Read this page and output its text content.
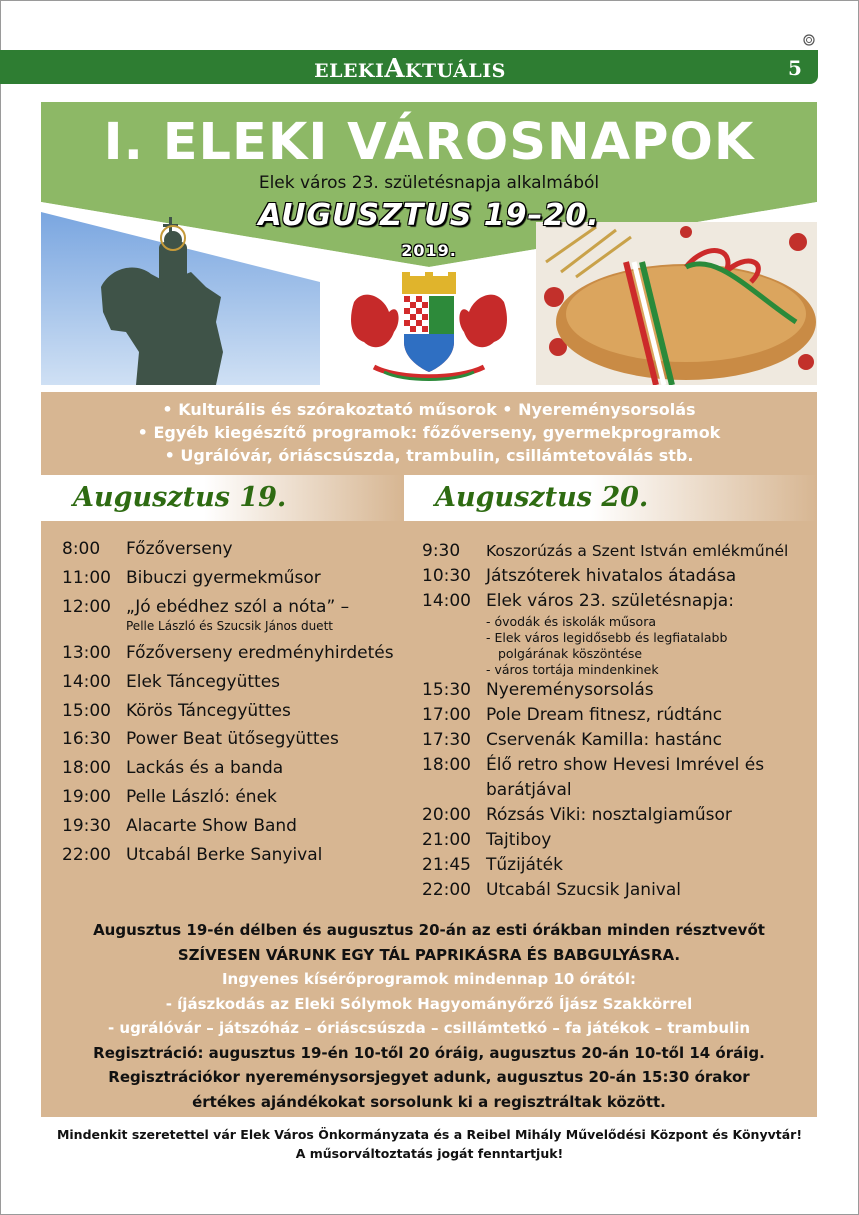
ELEKIAKTUÁLIS	5
I. ELEKI VÁROSNAPOK
Elek város 23. születésnapja alkalmából
AUGUSZTUS 19–20.
2019.
• Kulturális és szórakoztató műsorok • Nyereménysorsolás
• Egyéb kiegészítő programok: főzőverseny, gyermekprogramok
• Ugrálóvár, óriáscsúszda, trambulin, csillámtetoválás stb.
Augusztus 19.	Augusztus 20.
8:00	Főzőverseny
11:00 Bibuczi gyermekműsor
12:00 „Jó ebédhez szól a nóta” –
Pelle László és Szucsik János duett
13:00 Főzőverseny eredményhirdetés
14:00 Elek Táncegyüttes
15:00 Körös Táncegyüttes
16:30 Power Beat ütősegyüttes
18:00 Lackás és a banda
19:00 Pelle László: ének
19:30 Alacarte Show Band
22:00 Utcabál Berke Sanyival
9:30	Koszorúzás a Szent István emlékműnél
10:30 Játszóterek hivatalos átadása
14:00 Elek város 23. születésnapja:
- óvodák és iskolák műsora
- Elek város legidősebb és legfiatalabb
polgárának köszöntése
- város tortája mindenkinek
15:30 Nyereménysorsolás
17:00 Pole Dream fitnesz, rúdtánc
17:30 Cservenák Kamilla: hastánc
18:00 Élő retro show Hevesi Imrével és
barátjával
20:00 Rózsás Viki: nosztalgiaműsor
21:00 Tajtiboy
21:45 Tűzijáték
22:00 Utcabál Szucsik Janival
Augusztus 19-én délben és augusztus 20-án az esti órákban minden résztvevőt
SZÍVESEN VÁRUNK EGY TÁL PAPRIKÁSRA ÉS BABGULYÁSRA.
Ingyenes kísérőprogramok mindennap 10 órától:
- íjászkodás az Eleki Sólymok Hagyományőrző Íjász Szakkörrel
- ugrálóvár – játszóház – óriáscsúszda – csillámtetkó – fa játékok – trambulin
Regisztráció: augusztus 19-én 10-től 20 óráig, augusztus 20-án 10-től 14 óráig.
Regisztrációkor nyereménysorsjegyet adunk, augusztus 20-án 15:30 órakor
értékes ajándékokat sorsolunk ki a regisztráltak között.
Mindenkit szeretettel vár Elek Város Önkormányzata és a Reibel Mihály Művelődési Központ és Könyvtár!
A műsorváltoztatás jogát fenntartjuk!
